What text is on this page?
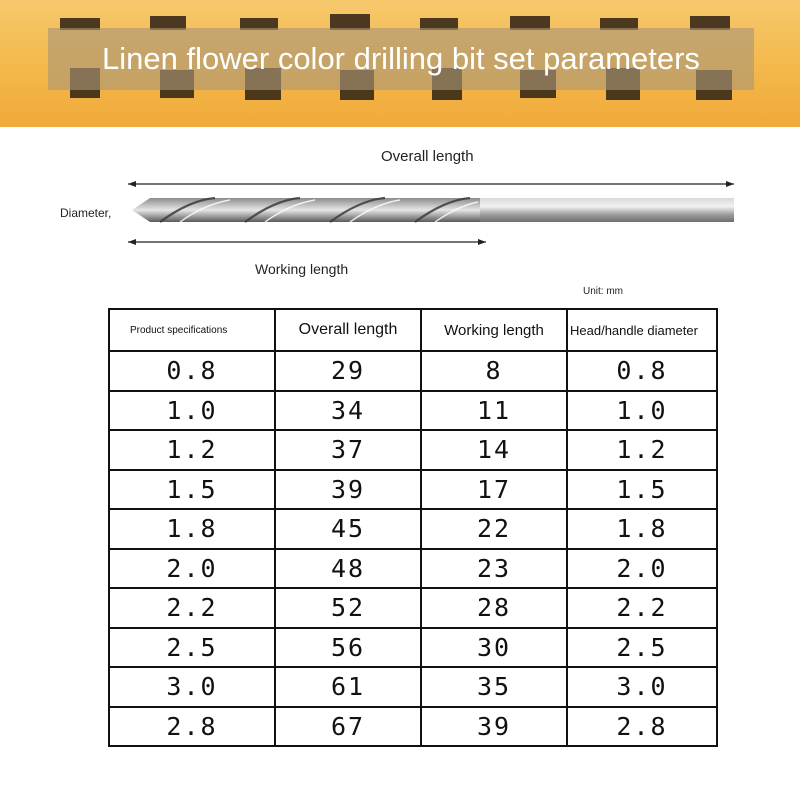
Linen flower color drilling bit set parameters
Overall length
Diameter,
Working length
Unit: mm
Product specifications	Overall length	Working length	Head/handle diameter
0.8	29	8	0.8
1.0	34	11	1.0
1.2	37	14	1.2
1.5	39	17	1.5
1.8	45	22	1.8
2.0	48	23	2.0
2.2	52	28	2.2
2.5	56	30	2.5
3.0	61	35	3.0
2.8	67	39	2.8
